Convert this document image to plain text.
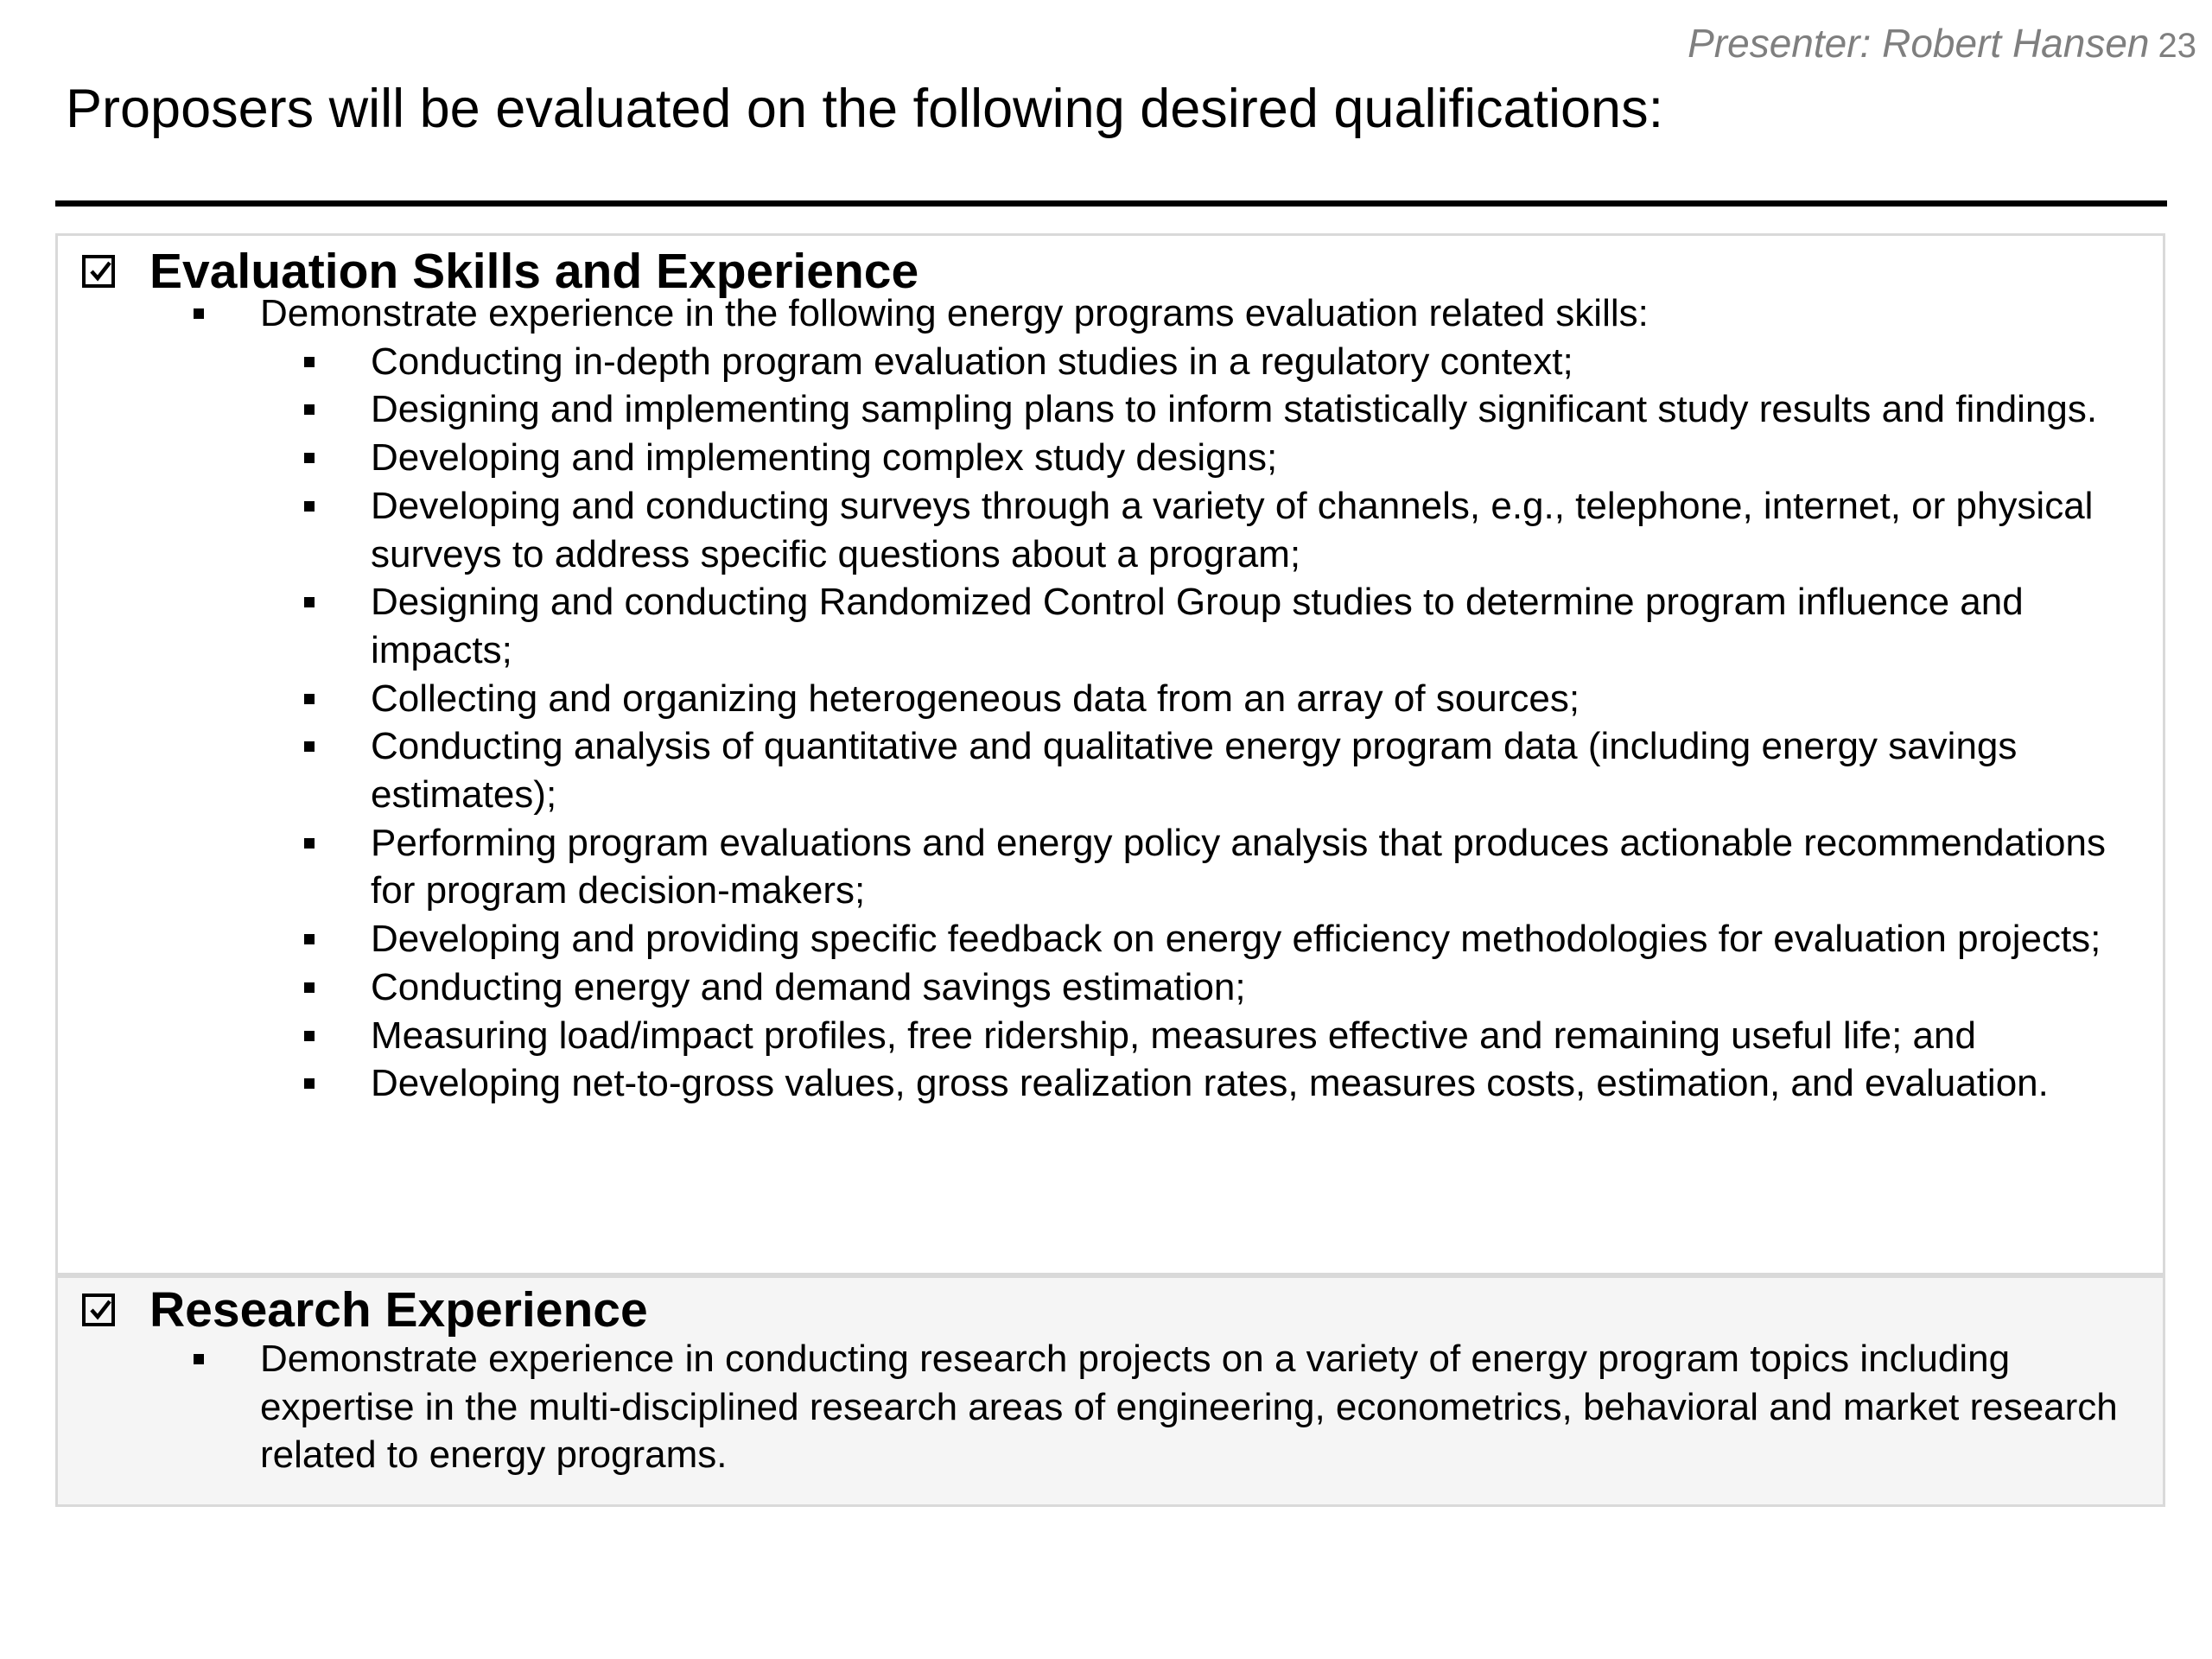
Presenter: Robert Hansen 23
Proposers will be evaluated on the following desired qualifications:
Evaluation Skills and Experience
Demonstrate experience in the following energy programs evaluation related skills:
Conducting in-depth program evaluation studies in a regulatory context;
Designing and implementing sampling plans to inform statistically significant study results and findings.
Developing and implementing complex study designs;
Developing and conducting surveys through a variety of channels, e.g., telephone, internet, or physical surveys to address specific questions about a program;
Designing and conducting Randomized Control Group studies to determine program influence and impacts;
Collecting and organizing heterogeneous data from an array of sources;
Conducting analysis of quantitative and qualitative energy program data (including energy savings estimates);
Performing program evaluations and energy policy analysis that produces actionable recommendations for program decision-makers;
Developing and providing specific feedback on energy efficiency methodologies for evaluation projects;
Conducting energy and demand savings estimation;
Measuring load/impact profiles, free ridership, measures effective and remaining useful life; and
Developing net-to-gross values, gross realization rates, measures costs, estimation, and evaluation.
Research Experience
Demonstrate experience in conducting research projects on a variety of energy program topics including expertise in the multi-disciplined research areas of engineering, econometrics, behavioral and market research related to energy programs.
